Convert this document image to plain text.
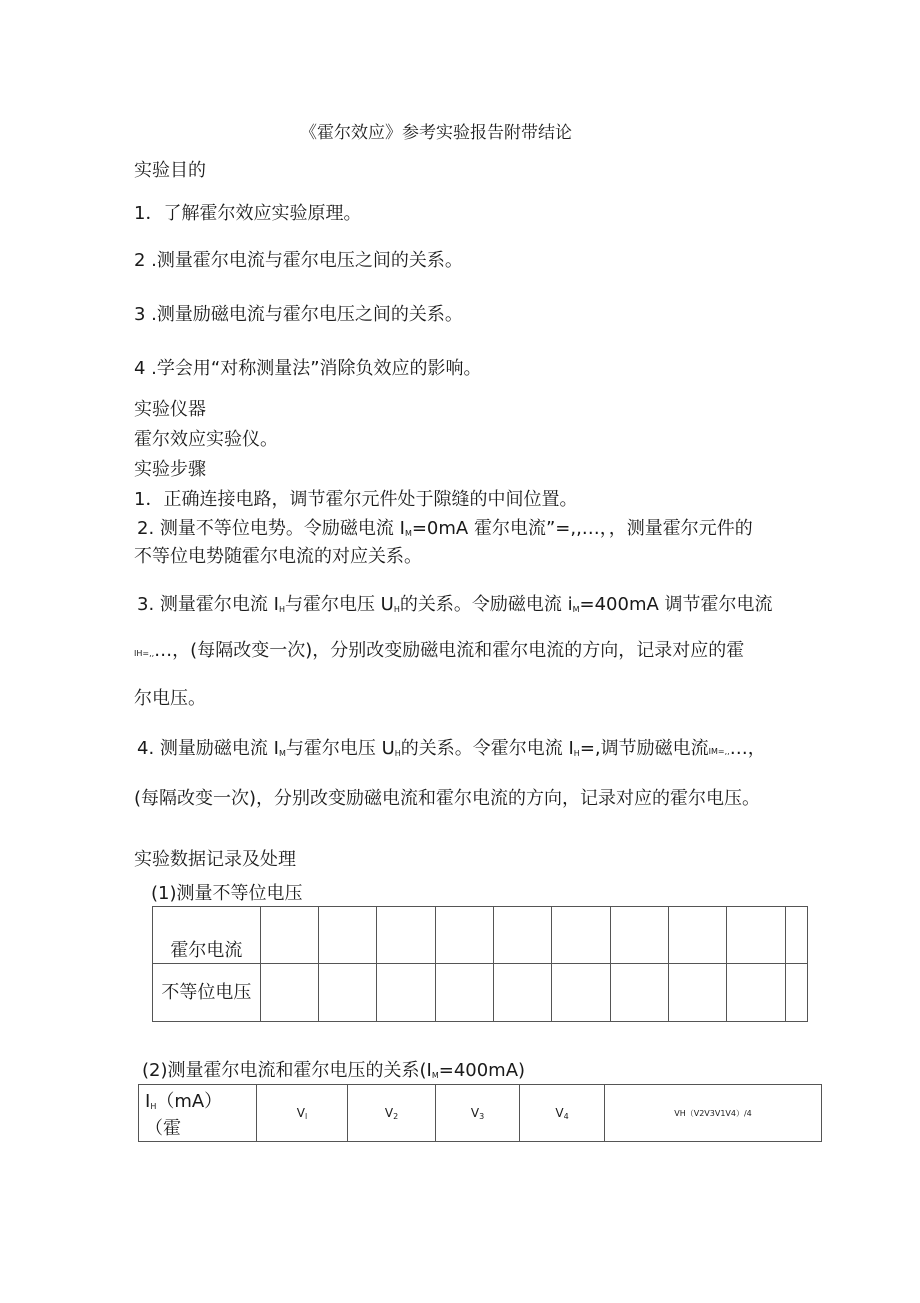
《霍尔效应》参考实验报告附带结论
实验目的
1．了解霍尔效应实验原理。
2 .测量霍尔电流与霍尔电压之间的关系。
3 .测量励磁电流与霍尔电压之间的关系。
4 .学会用“对称测量法”消除负效应的影响。
实验仪器
霍尔效应实验仪。
实验步骤
1．正确连接电路，调节霍尔元件处于隙缝的中间位置。
2. 测量不等位电势。令励磁电流 $I_M=0mA$ 霍尔电流”=,,…，，测量霍尔元件的
不等位电势随霍尔电流的对应关系。
3. 测量霍尔电流 $I_H$与霍尔电压 $U_H$的关系。令励磁电流 $i_M=400mA$ 调节霍尔电流
IH=,,…，(每隔改变一次)，分别改变励磁电流和霍尔电流的方向，记录对应的霍
尔电压。
4. 测量励磁电流 $I_M$与霍尔电压 $U_H$的关系。令霍尔电流 $I_H=$,调节励磁电流IM=,,…，
(每隔改变一次)，分别改变励磁电流和霍尔电流的方向，记录对应的霍尔电压。
实验数据记录及处理
(1)测量不等位电压
霍尔电流										
不等位电压										
(2)测量霍尔电流和霍尔电压的关系$(I_M=400mA)$
$I_H(mA)$
（霍
	$V_l$	$V_2$	$V_3$	$V_4$	VH（V2V3V1V4）/4
